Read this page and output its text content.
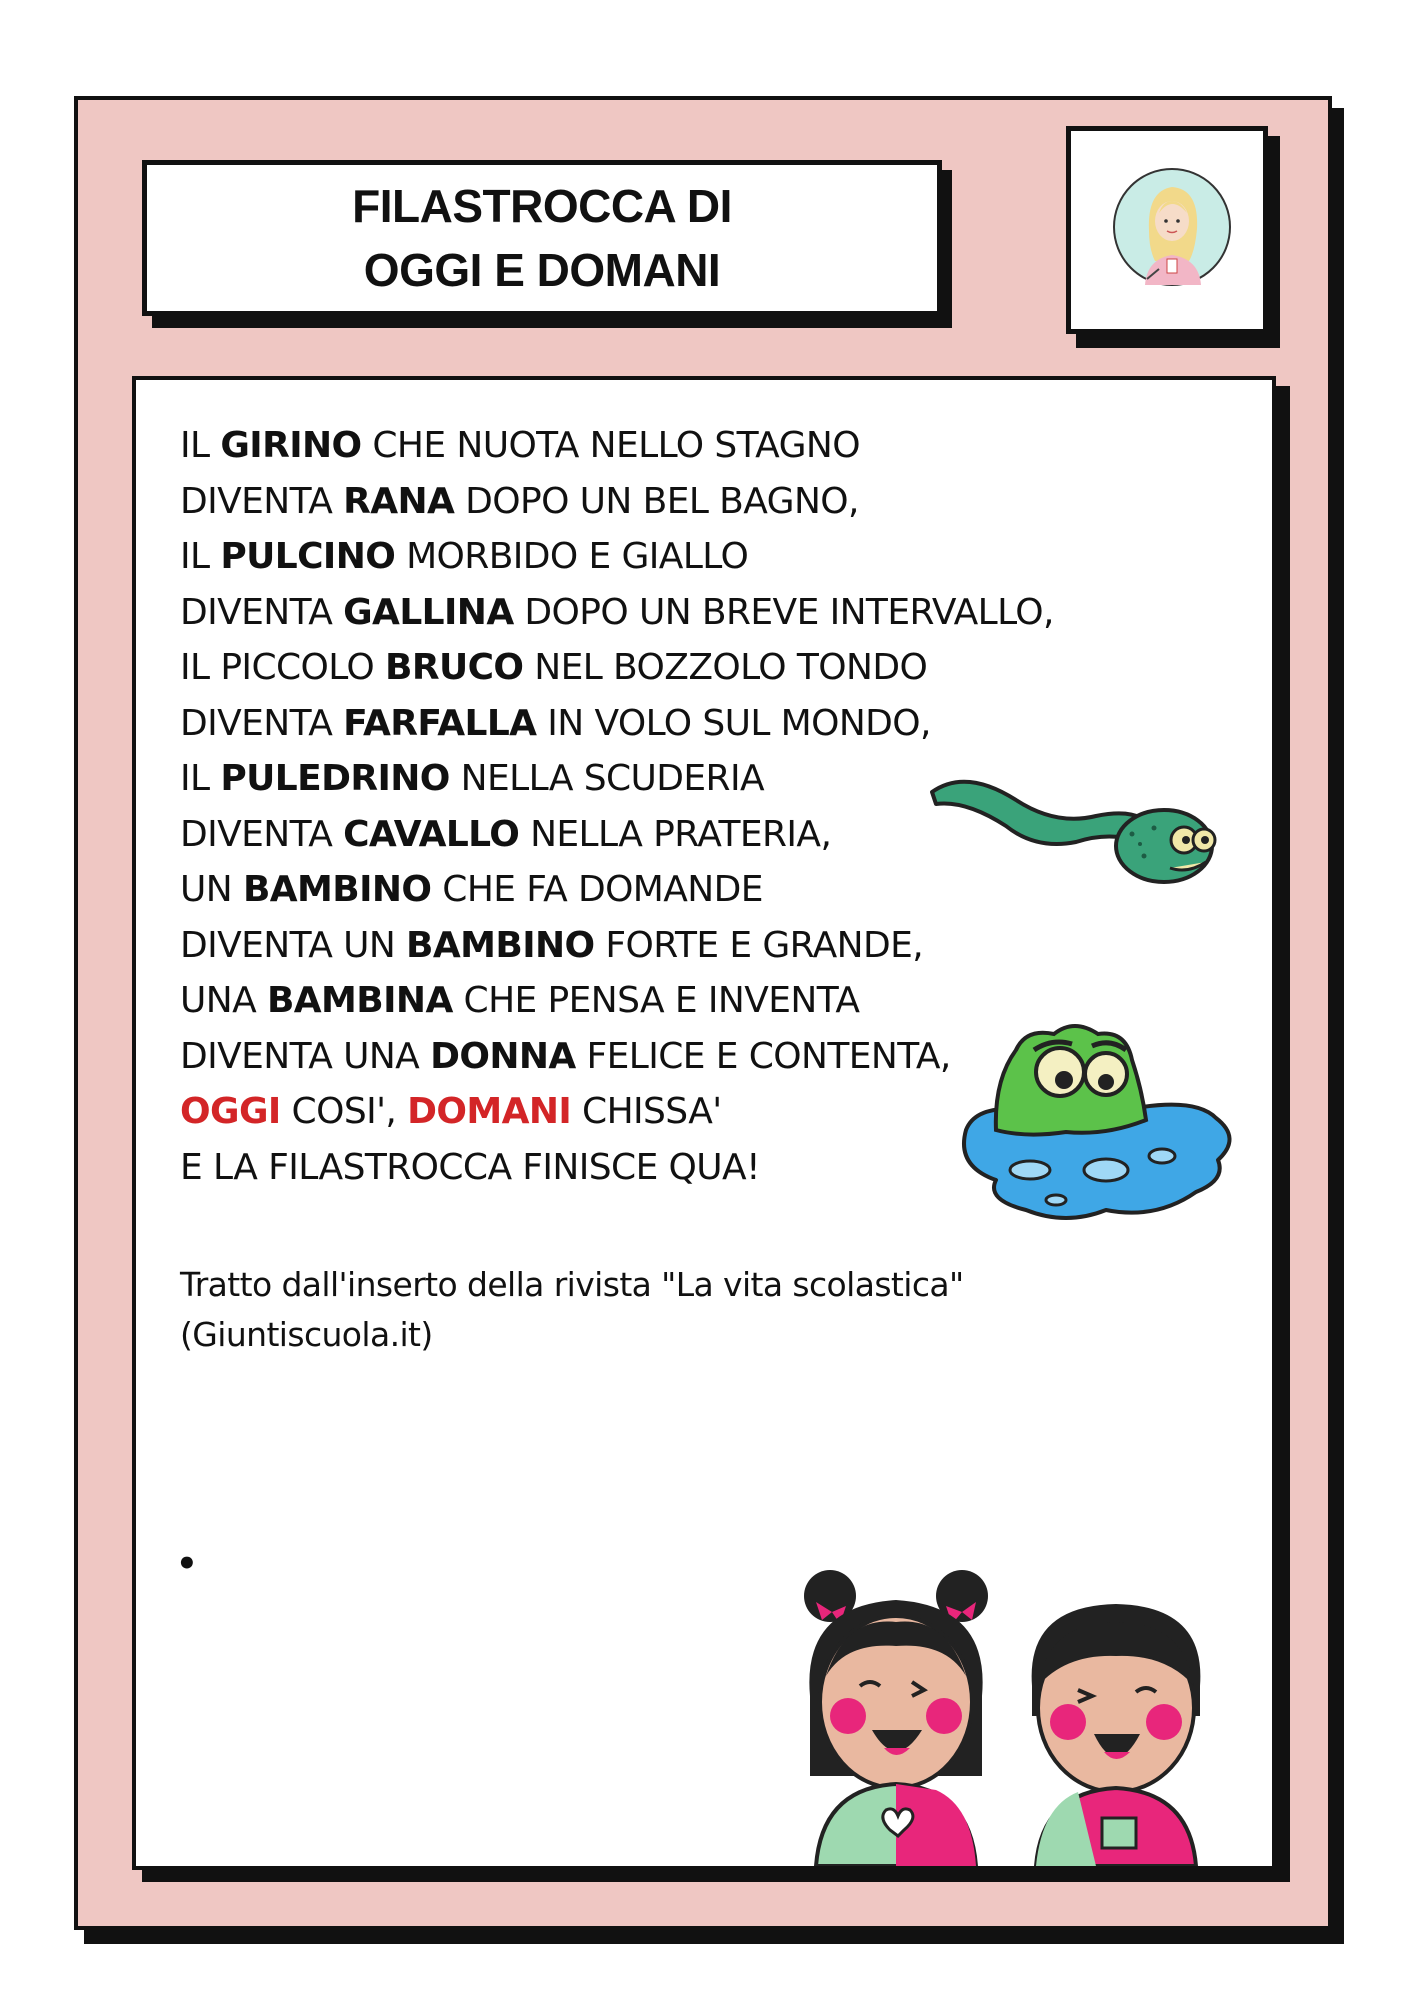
FILASTROCCA DI
OGGI E DOMANI
IL GIRINO CHE NUOTA NELLO STAGNO
DIVENTA RANA DOPO UN BEL BAGNO,
IL PULCINO MORBIDO E GIALLO
DIVENTA GALLINA DOPO UN BREVE INTERVALLO,
IL PICCOLO BRUCO NEL BOZZOLO TONDO
DIVENTA FARFALLA IN VOLO SUL MONDO,
IL PULEDRINO NELLA SCUDERIA
DIVENTA CAVALLO NELLA PRATERIA,
UN BAMBINO CHE FA DOMANDE
DIVENTA UN BAMBINO FORTE E GRANDE,
UNA BAMBINA CHE PENSA E INVENTA
DIVENTA UNA DONNA FELICE E CONTENTA,
OGGI COSI', DOMANI CHISSA'
E LA FILASTROCCA FINISCE QUA!
Tratto dall'inserto della rivista "La vita scolastica"
(Giuntiscuola.it)
•
